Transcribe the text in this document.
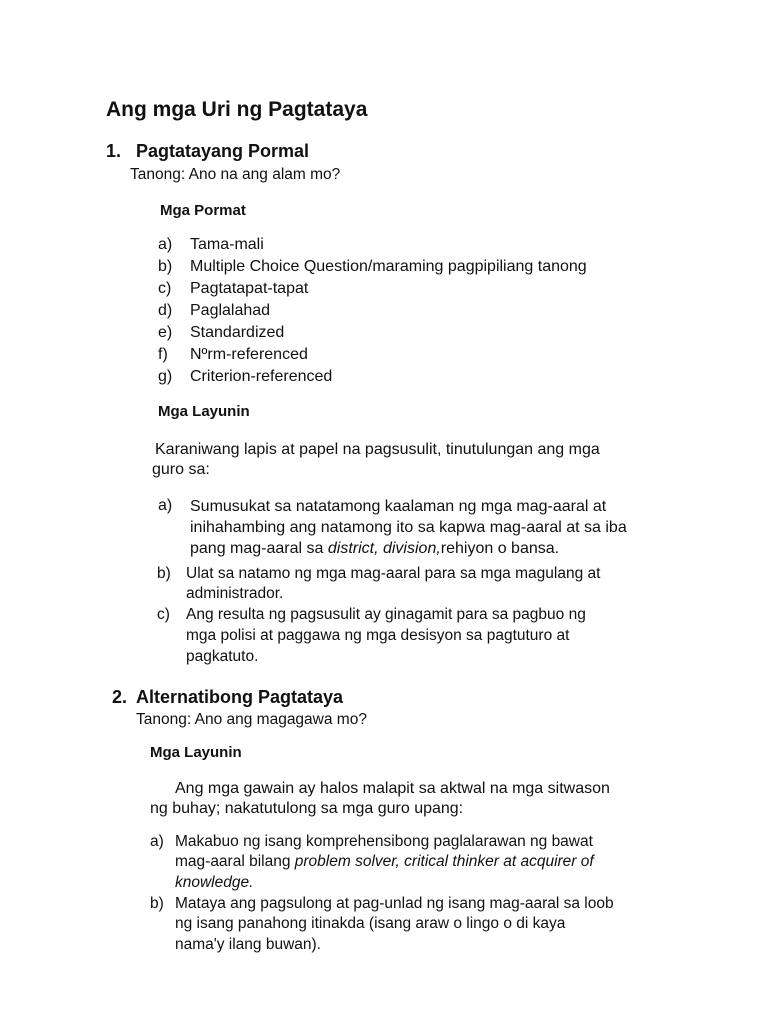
Ang mga Uri ng Pagtataya
1. Pagtatayang Pormal
Tanong: Ano na ang alam mo?
Mga Pormat
a) Tama-mali
b) Multiple Choice Question/maraming pagpipiliang tanong
c) Pagtatapat-tapat
d) Paglalahad
e) Standardized
f) Nºrm-referenced
g) Criterion-referenced
Mga Layunin
Karaniwang lapis at papel na pagsusulit, tinutulungan ang mga
guro sa:
a) Sumusukat sa natatamong kaalaman ng mga mag-aaral at
inihahambing ang natamong ito sa kapwa mag-aaral at sa iba
pang mag-aaral sa district, division,rehiyon o bansa.
b) Ulat sa natamo ng mga mag-aaral para sa mga magulang at
administrador.
c) Ang resulta ng pagsusulit ay ginagamit para sa pagbuo ng
mga polisi at paggawa ng mga desisyon sa pagtuturo at
pagkatuto.
2. Alternatibong Pagtataya
Tanong: Ano ang magagawa mo?
Mga Layunin
Ang mga gawain ay halos malapit sa aktwal na mga sitwason
ng buhay; nakatutulong sa mga guro upang:
a) Makabuo ng isang komprehensibong paglalarawan ng bawat
mag-aaral bilang problem solver, critical thinker at acquirer of
knowledge.
b) Mataya ang pagsulong at pag-unlad ng isang mag-aaral sa loob
ng isang panahong itinakda (isang araw o lingo o di kaya
nama'y ilang buwan).
